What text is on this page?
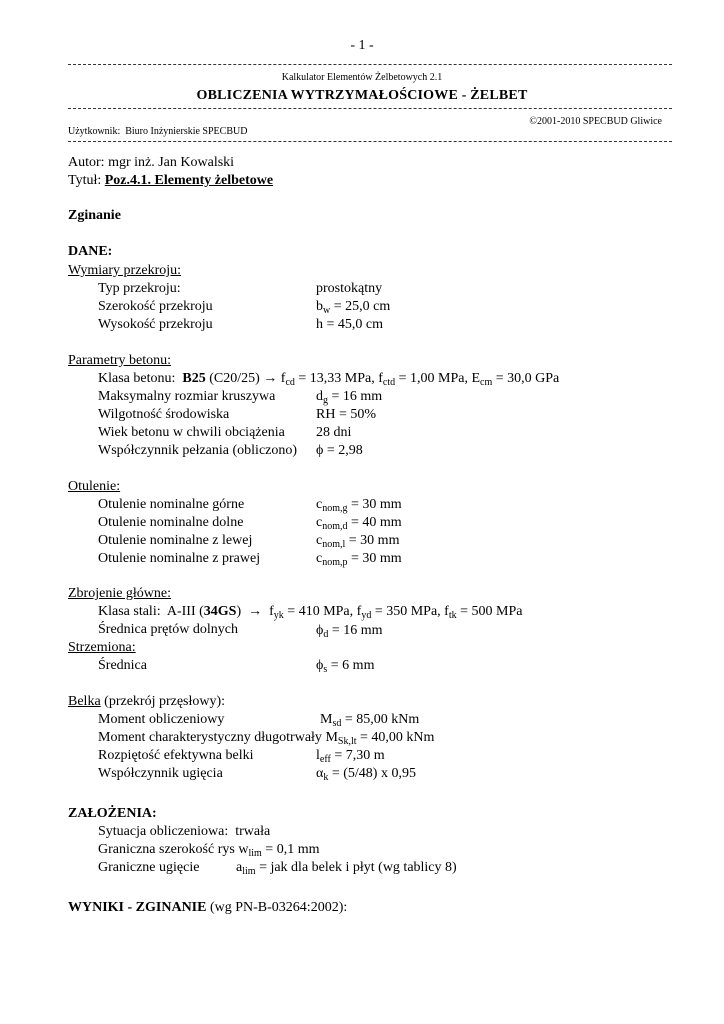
- 1 -
Kalkulator Elementów Żelbetowych 2.1
OBLICZENIA WYTRZYMAŁOŚCIOWE - ŻELBET
©2001-2010 SPECBUD Gliwice
Użytkownik: Biuro Inżynierskie SPECBUD
Autor: mgr inż. Jan Kowalski
Tytuł: Poz.4.1. Elementy żelbetowe
Zginanie
DANE:
Wymiary przekroju:
Typ przekroju:	prostokątny
Szerokość przekroju	$b_w = 25,0$ cm
Wysokość przekroju	h = 45,0 cm
Parametry betonu:
Klasa betonu: B25 $(C20/25) \to f_{cd} = 13,33$ MPa, $f_{ctd} = 1,00$ MPa, $E_{cm} = 30,0$ GPa
Maksymalny rozmiar kruszywa	$d_g = 16$ mm
Wilgotność środowiska	RH = 50%
Wiek betonu w chwili obciążenia 28 dni
Współczynnik pełzania (obliczono) ϕ = 2,98
Otulenie:
Otulenie nominalne górne	$c_{nom,g} = 30$ mm
Otulenie nominalne dolne	$c_{nom,d} = 40$ mm
Otulenie nominalne z lewej	$c_{nom,l} = 30$ mm
Otulenie nominalne z prawej	$c_{nom,p} = 30$ mm
Zbrojenie główne:
Klasa stali: A-III $(34GS) \to f_{yk} = 410$ MPa, $f_{yd} = 350$ MPa, $f_{tk} = 500$ MPa
Średnica prętów dolnych	$\phi_d = 16$ mm
Strzemiona:
Średnica	$\phi_s = 6$ mm
Belka (przekrój przęsłowy):
Moment obliczeniowy	$M_{sd} = 85,00$ kNm
Moment charakterystyczny długotrwały $M_{Sk,lt} = 40,00$ kNm
Rozpiętość efektywna belki	$l_{eff} = 7,30$ m
Współczynnik ugięcia	$\alpha_k = (5/48)$ x 0,95
ZAŁOŻENIA:
Sytuacja obliczeniowa: trwała
Graniczna szerokość rys $w_{lim} = 0,1$ mm
Graniczne ugięcie	$a_{lim}$ = jak dla belek i płyt (wg tablicy 8)
WYNIKI - ZGINANIE (wg PN-B-03264:2002):
